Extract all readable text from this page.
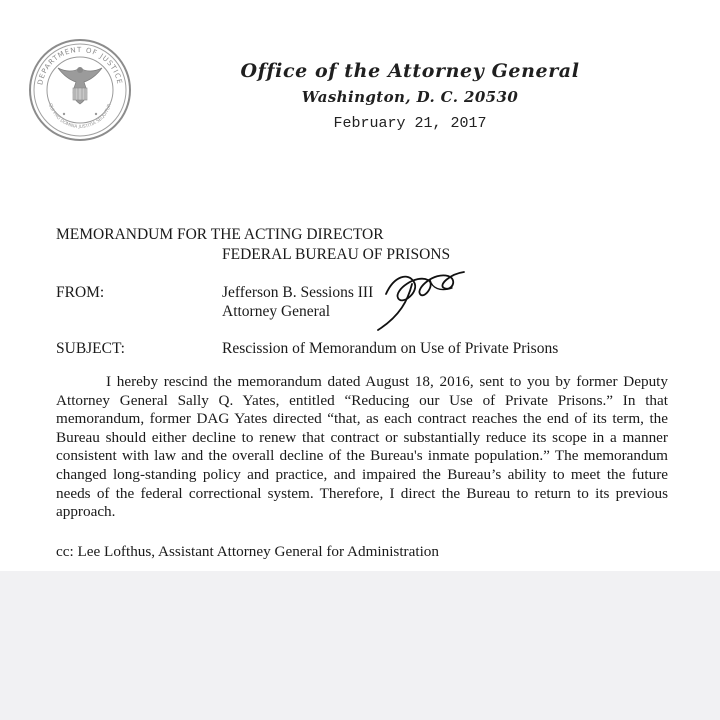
DEPARTMENT OF JUSTICE
QUI PRO DOMINA JUSTITIA SEQUITUR
Office of the Attorney General
Washington, D. C. 20530
February 21, 2017
MEMORANDUM FOR THE ACTING DIRECTOR
FEDERAL BUREAU OF PRISONS
FROM:	Jefferson B. Sessions III
Attorney General
SUBJECT:	Rescission of Memorandum on Use of Private Prisons
I hereby rescind the memorandum dated August 18, 2016, sent to you by former Deputy Attorney General Sally Q. Yates, entitled “Reducing our Use of Private Prisons.” In that memorandum, former DAG Yates directed “that, as each contract reaches the end of its term, the Bureau should either decline to renew that contract or substantially reduce its scope in a manner consistent with law and the overall decline of the Bureau's inmate population.” The memorandum changed long-standing policy and practice, and impaired the Bureau’s ability to meet the future needs of the federal correctional system. Therefore, I direct the Bureau to return to its previous approach.
cc: Lee Lofthus, Assistant Attorney General for Administration
